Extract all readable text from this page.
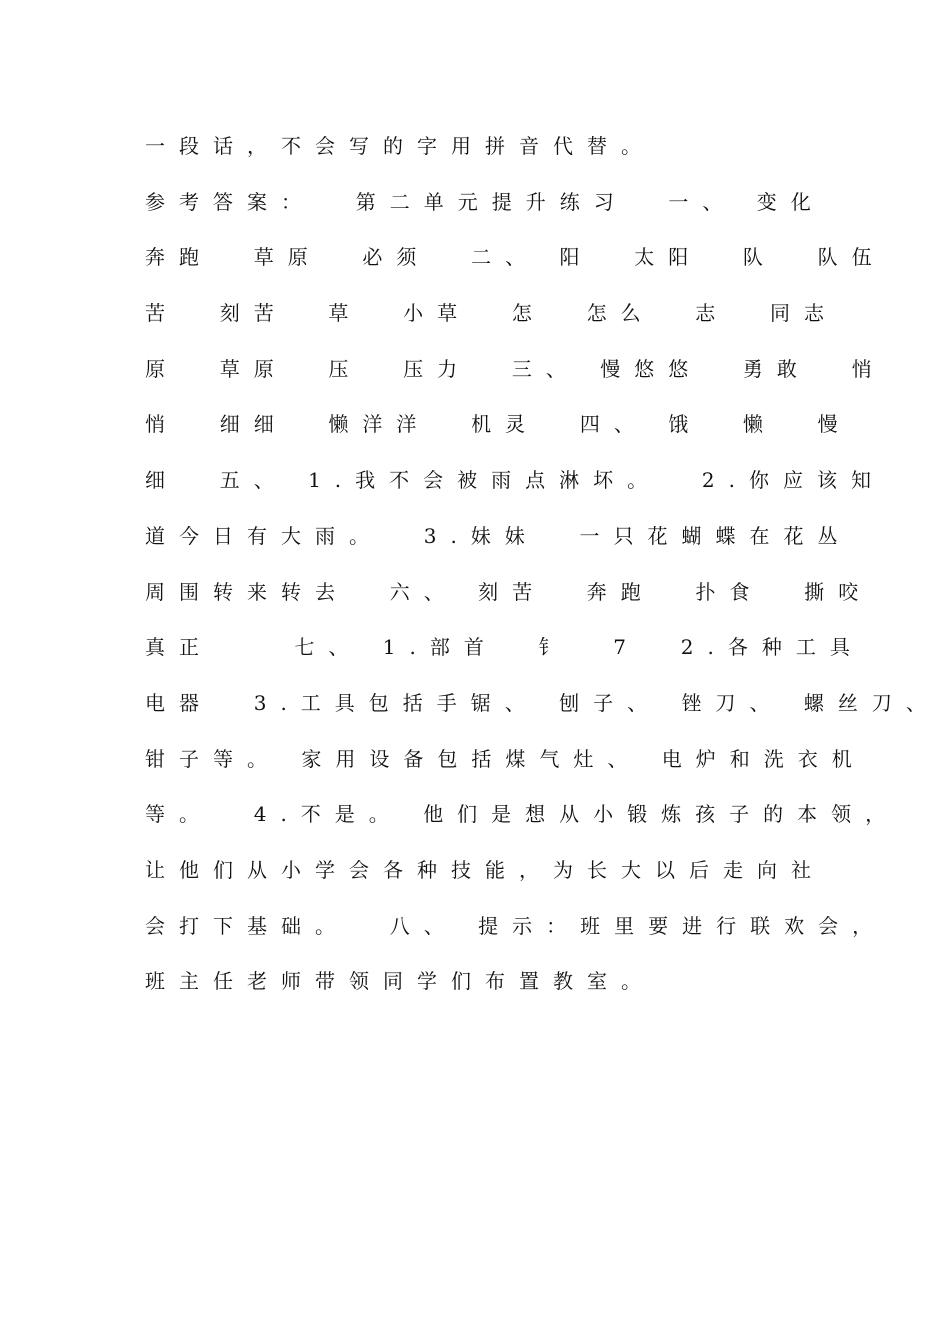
一段话，不会写的字用拼音代替。
参考答案：  第二单元提升练习  一、 变化
奔跑  草原  必须  二、 阳  太阳  队  队伍
苦  刻苦  草  小草  怎  怎么  志  同志
原  草原  压  压力  三、 慢悠悠  勇敢  悄
悄  细细  懒洋洋  机灵  四、 饿  懒  慢
细  五、 1.我不会被雨点淋坏。  2.你应该知
道今日有大雨。  3.妹妹  一只花蝴蝶在花丛
周围转来转去  六、 刻苦  奔跑  扑食  撕咬
真正    七、 1.部首  钅  7  2.各种工具
电器  3.工具包括手锯、 刨子、 锉刀、 螺丝刀、
钳子等。 家用设备包括煤气灶、 电炉和洗衣机
等。  4.不是。 他们是想从小锻炼孩子的本领，
让他们从小学会各种技能，为长大以后走向社
会打下基础。  八、 提示：班里要进行联欢会，
班主任老师带领同学们布置教室。
